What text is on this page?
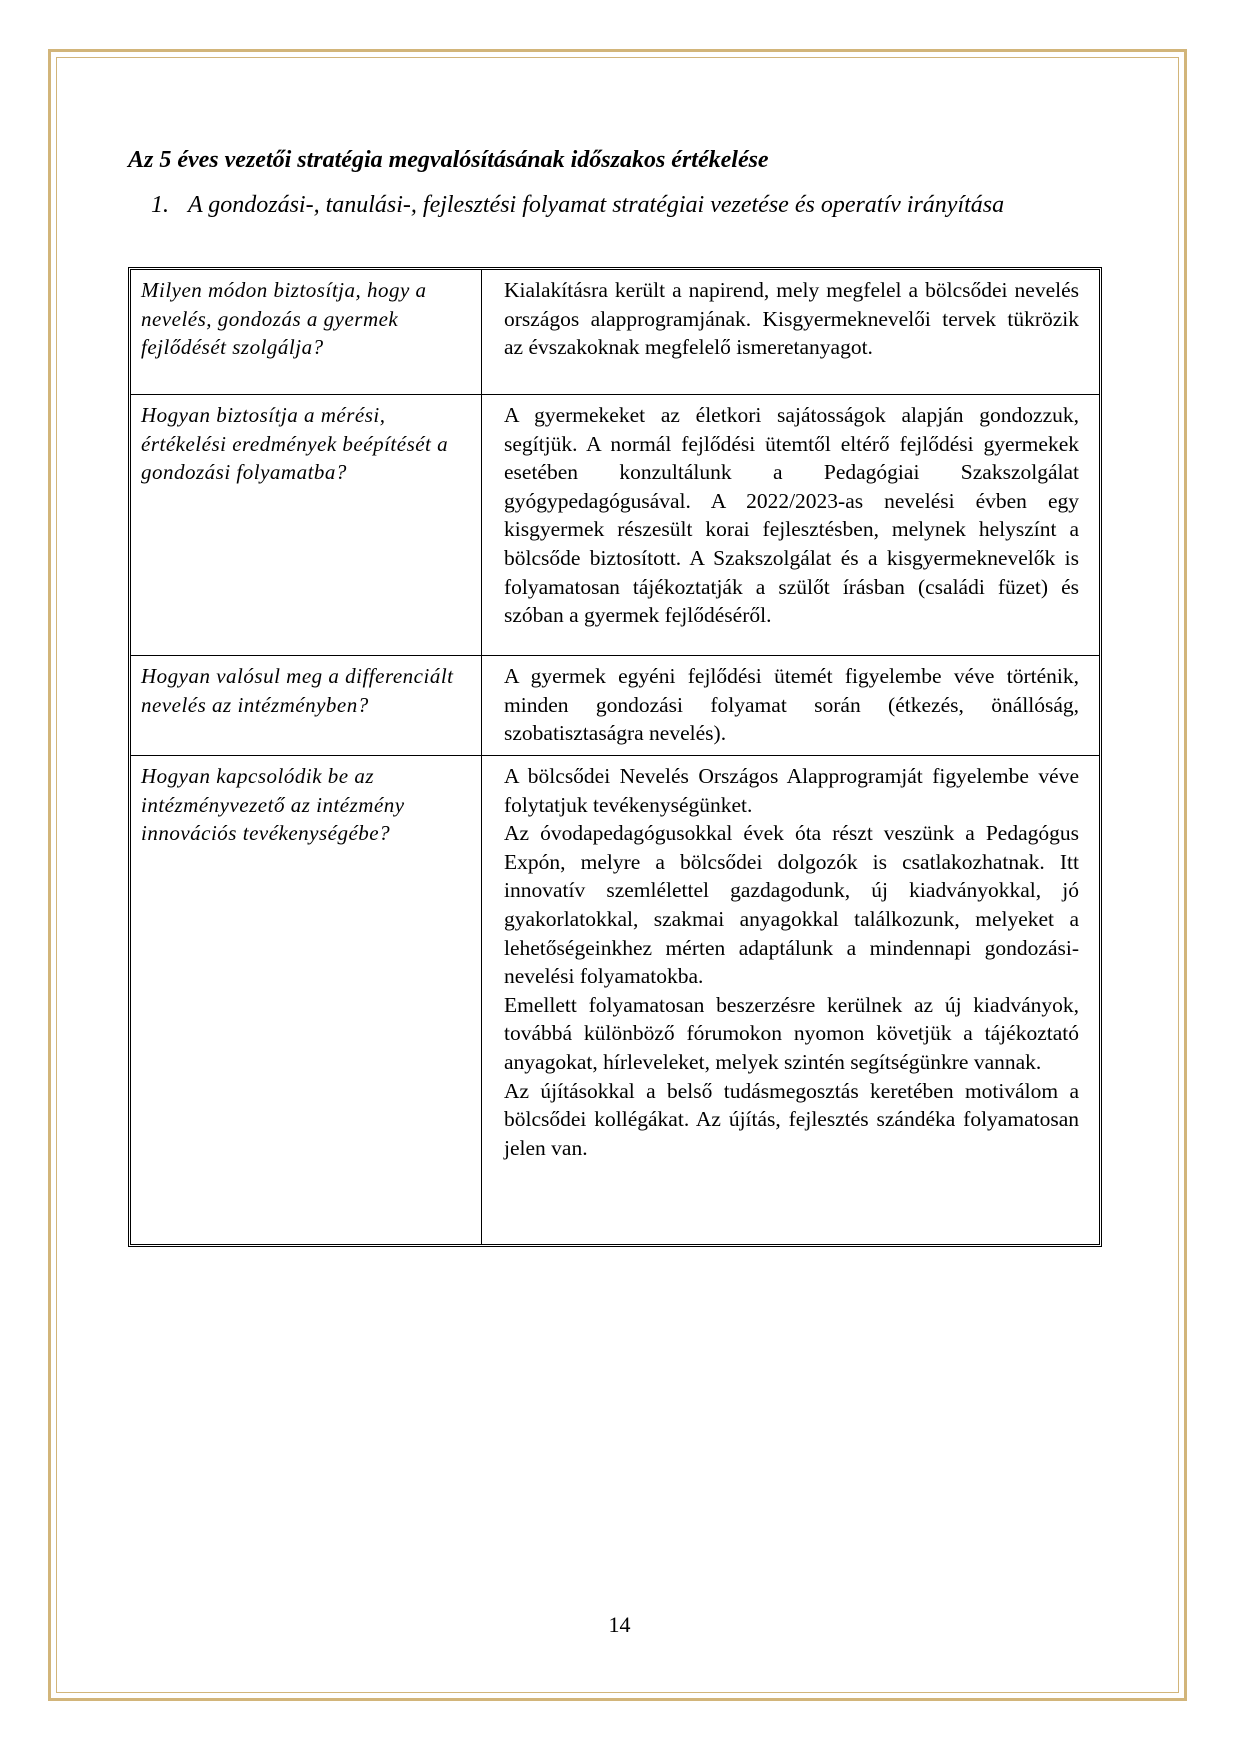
Az 5 éves vezetői stratégia megvalósításának időszakos értékelése
1. A gondozási-, tanulási-, fejlesztési folyamat stratégiai vezetése és operatív irányítása
Milyen módon biztosítja, hogy a nevelés, gondozás a gyermek fejlődését szolgálja?	Kialakításra került a napirend, mely megfelel a bölcsődei nevelés országos alapprogramjának. Kisgyermeknevelői tervek tükrözik az évszakoknak megfelelő ismeretanyagot.

Hogyan biztosítja a mérési, értékelési eredmények beépítését a gondozási folyamatba?	A gyermekeket az életkori sajátosságok alapján gondozzuk, segítjük. A normál fejlődési ütemtől eltérő fejlődési gyermekek esetében konzultálunk a Pedagógiai Szakszolgálat gyógypedagógusával. A 2022/2023-as nevelési évben egy kisgyermek részesült korai fejlesztésben, melynek helyszínt a bölcsőde biztosított. A Szakszolgálat és a kisgyermeknevelők is folyamatosan tájékoztatják a szülőt írásban (családi füzet) és szóban a gyermek fejlődéséről.

Hogyan valósul meg a differenciált nevelés az intézményben?	A gyermek egyéni fejlődési ütemét figyelembe véve történik, minden gondozási folyamat során (étkezés, önállóság, szobatisztaságra nevelés).

Hogyan kapcsolódik be az intézményvezető az intézmény innovációs tevékenységébe?	A bölcsődei Nevelés Országos Alapprogramját figyelembe véve folytatjuk tevékenységünket.

Az óvodapedagógusokkal évek óta részt veszünk a Pedagógus Expón, melyre a bölcsődei dolgozók is csatlakozhatnak. Itt innovatív szemlélettel gazdagodunk, új kiadványokkal, jó gyakorlatokkal, szakmai anyagokkal találkozunk, melyeket a lehetőségeinkhez mérten adaptálunk a mindennapi gondozási-nevelési folyamatokba.

Emellett folyamatosan beszerzésre kerülnek az új kiadványok, továbbá különböző fórumokon nyomon követjük a tájékoztató anyagokat, hírleveleket, melyek szintén segítségünkre vannak.

Az újításokkal a belső tudásmegosztás keretében motiválom a bölcsődei kollégákat. Az újítás, fejlesztés szándéka folyamatosan jelen van.

14
